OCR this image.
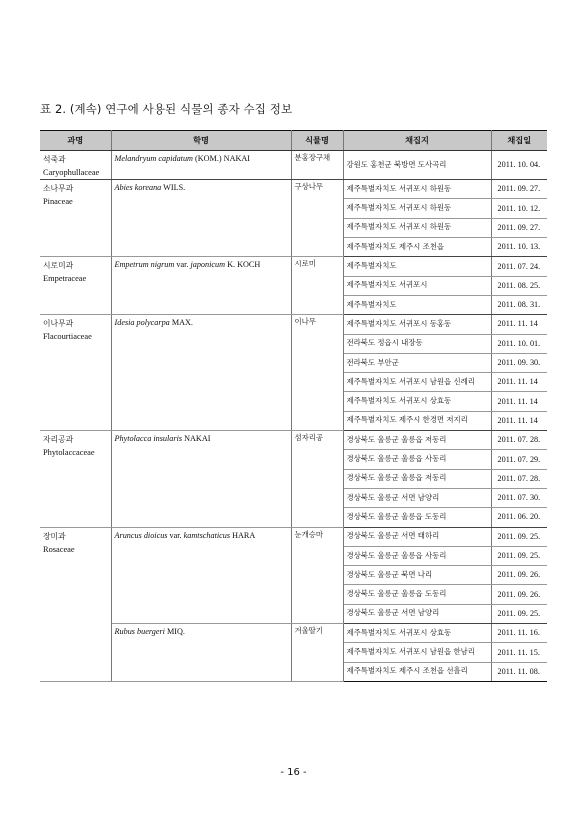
표 2. (계속) 연구에 사용된 식물의 종자 수집 정보
과명	학명	식물명	채집지	채집일
석죽과
Caryophullaceae	Melandryum capidatum (KOM.) NAKAI	분홍장구채	강원도 홍천군 북방면 도사곡리	2011. 10. 04.
소나무과
Pinaceae	Abies koreana WILS.	구상나무	제주특별자치도 서귀포시 하원동	2011. 09. 27.
			제주특별자치도 서귀포시 하원동	2011. 10. 12.
			제주특별자치도 서귀포시 하원동	2011. 09. 27.
			제주특별자치도 제주시 조천읍	2011. 10. 13.
시로미과
Empetraceae	Empetrum nigrum var. japonicum K. KOCH	시로미	제주특별자치도	2011. 07. 24.
			제주특별자치도 서귀포시	2011. 08. 25.
			제주특별자치도	2011. 08. 31.
이나무과
Flacourtiaceae	Idesia polycarpa MAX.	이나무	제주특별자치도 서귀포시 동홍동	2011. 11. 14
			전라북도 정읍시 내장동	2011. 10. 01.
			전라북도 부안군	2011. 09. 30.
			제주특별자치도 서귀포시 남원읍 신례리	2011. 11. 14
			제주특별자치도 서귀포시 상효동	2011. 11. 14
			제주특별자치도 제주시 한경면 저지리	2011. 11. 14
자리공과
Phytolaccaceae	Phytolacca insularis NAKAI	섬자리공	경상북도 울릉군 울릉읍 저동리	2011. 07. 28.
			경상북도 울릉군 울릉읍 사동리	2011. 07. 29.
			경상북도 울릉군 울릉읍 저동리	2011. 07. 28.
			경상북도 울릉군 서면 남양리	2011. 07. 30.
			경상북도 울릉군 울릉읍 도동리	2011. 06. 20.
장미과
Rosaceae	Aruncus dioicus var. kamtschaticus HARA	눈개승마	경상북도 울릉군 서면 태하리	2011. 09. 25.
			경상북도 울릉군 울릉읍 사동리	2011. 09. 25.
			경상북도 울릉군 북면 나리	2011. 09. 26.
			경상북도 울릉군 울릉읍 도동리	2011. 09. 26.
			경상북도 울릉군 서면 남양리	2011. 09. 25.
	Rubus buergeri MIQ.	겨울딸기	제주특별자치도 서귀포시 상효동	2011. 11. 16.
			제주특별자치도 서귀포시 남원읍 한남리	2011. 11. 15.
			제주특별자치도 제주시 조천읍 선흘리	2011. 11. 08.
- 16 -
